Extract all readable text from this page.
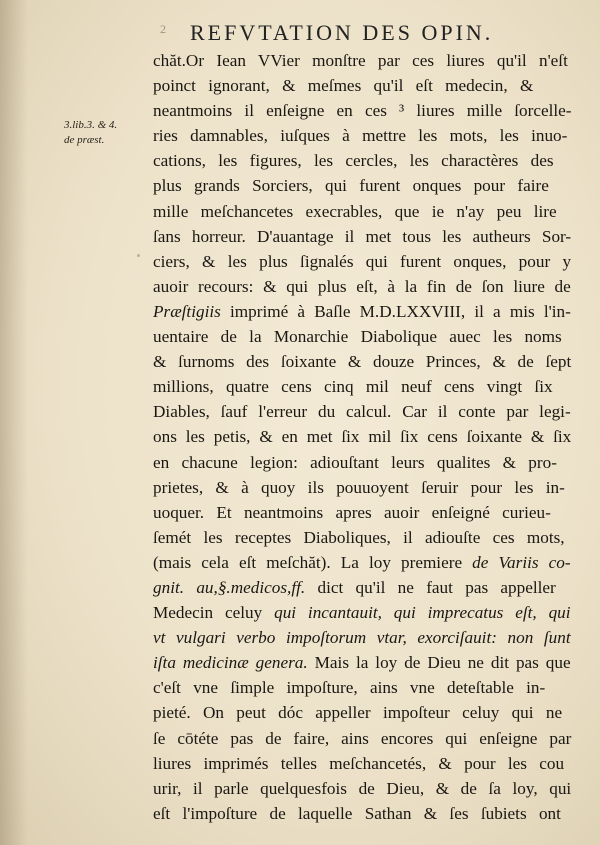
2 REFVTATION DES OPIN.
3.lib.3. & 4.
de præst.
chăt.Or Iean VVier monſtre par ces liures qu'il n'eſt
poinct ignorant, & meſmes qu'il eſt medecin, &
neantmoins il enſeigne en ces ³ liures mille ſorcelle-
ries damnables, iuſques à mettre les mots, les inuo-
cations, les figures, les cercles, les charactères des
plus grands Sorciers, qui furent onques pour faire
mille meſchancetes execrables, que ie n'ay peu lire
ſans horreur. D'auantage il met tous les autheurs Sor-
ciers, & les plus ſignalés qui furent onques, pour y
auoir recours: & qui plus eſt, à la fin de ſon liure de
Præſtigiis imprimé à Baſle M.D.LXXVIII, il a mis l'in-
uentaire de la Monarchie Diabolique auec les noms
& ſurnoms des ſoixante & douze Princes, & de ſept
millions, quatre cens cinq mil neuf cens vingt ſix
Diables, ſauf l'erreur du calcul. Car il conte par legi-
ons les petis, & en met ſix mil ſix cens ſoixante & ſix
en chacune legion: adiouſtant leurs qualites & pro-
prietes, & à quoy ils pouuoyent ſeruir pour les in-
uoquer. Et neantmoins apres auoir enſeigné curieu-
ſemét les receptes Diaboliques, il adiouſte ces mots,
(mais cela eſt meſchăt). La loy premiere de Variis co-
gnit. au,§.medicos,ff. dict qu'il ne faut pas appeller
Medecin celuy qui incantauit, qui imprecatus eſt, qui
vt vulgari verbo impoſtorum vtar, exorciſauit: non ſunt
iſta medicinæ genera. Mais la loy de Dieu ne dit pas que
c'eſt vne ſimple impoſture, ains vne deteſtable in-
pieté. On peut dóc appeller impoſteur celuy qui ne
ſe cōtéte pas de faire, ains encores qui enſeigne par
liures imprimés telles meſchancetés, & pour les cou
urir, il parle quelquesfois de Dieu, & de ſa loy, qui
eſt l'impoſture de laquelle Sathan & ſes ſubiets ont
